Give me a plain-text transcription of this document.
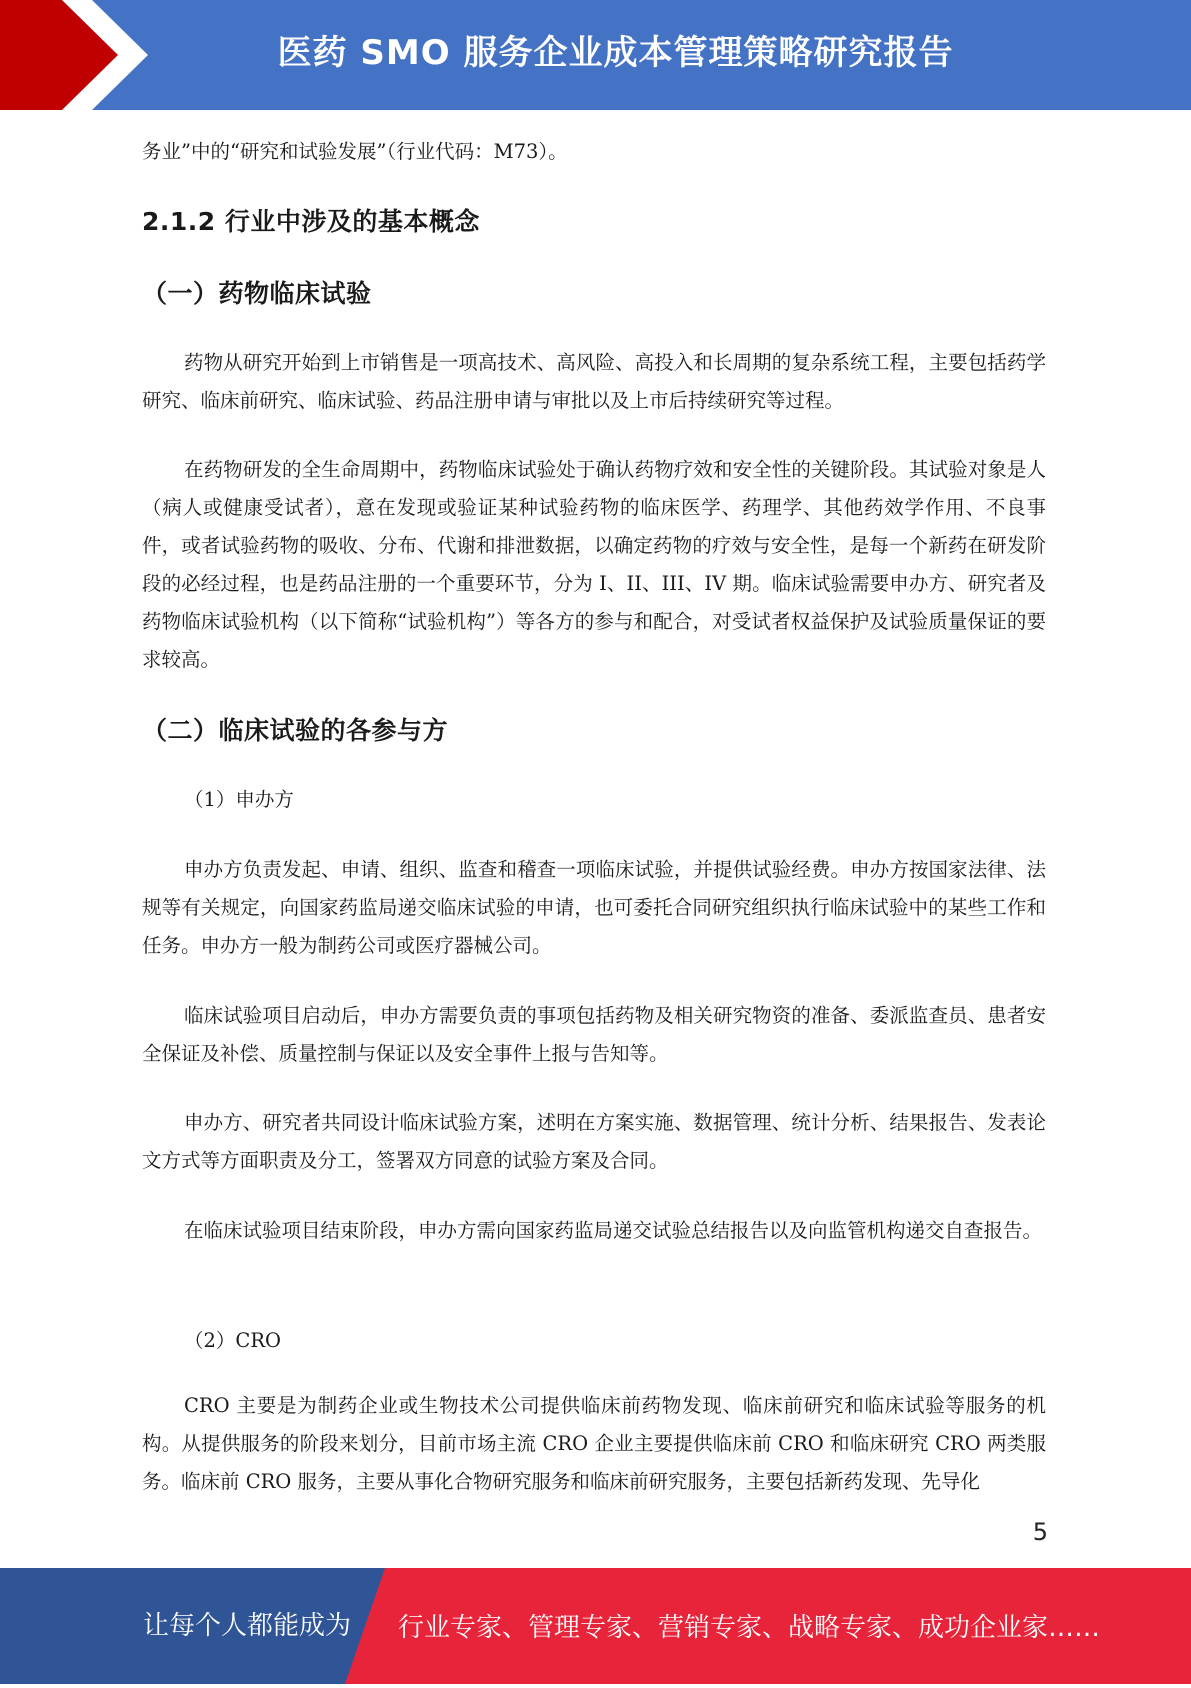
医药 SMO 服务企业成本管理策略研究报告

务业”中的“研究和试验发展”（行业代码：M73）。

2.1.2 行业中涉及的基本概念
（一）药物临床试验

药物从研究开始到上市销售是一项高技术、高风险、高投入和长周期的复杂系统工程，主要包括药学研究、临床前研究、临床试验、药品注册申请与审批以及上市后持续研究等过程。

在药物研发的全生命周期中，药物临床试验处于确认药物疗效和安全性的关键阶段。其试验对象是人（病人或健康受试者），意在发现或验证某种试验药物的临床医学、药理学、其他药效学作用、不良事件，或者试验药物的吸收、分布、代谢和排泄数据，以确定药物的疗效与安全性，是每一个新药在研发阶段的必经过程，也是药品注册的一个重要环节，分为 I、II、III、IV 期。临床试验需要申办方、研究者及药物临床试验机构（以下简称“试验机构”）等各方的参与和配合，对受试者权益保护及试验质量保证的要求较高。

（二）临床试验的各参与方

（1）申办方

申办方负责发起、申请、组织、监查和稽查一项临床试验，并提供试验经费。申办方按国家法律、法规等有关规定，向国家药监局递交临床试验的申请，也可委托合同研究组织执行临床试验中的某些工作和任务。申办方一般为制药公司或医疗器械公司。

临床试验项目启动后，申办方需要负责的事项包括药物及相关研究物资的准备、委派监查员、患者安全保证及补偿、质量控制与保证以及安全事件上报与告知等。

申办方、研究者共同设计临床试验方案，述明在方案实施、数据管理、统计分析、结果报告、发表论文方式等方面职责及分工，签署双方同意的试验方案及合同。

在临床试验项目结束阶段，申办方需向国家药监局递交试验总结报告以及向监管机构递交自查报告。

（2）CRO

CRO 主要是为制药企业或生物技术公司提供临床前药物发现、临床前研究和临床试验等服务的机构。从提供服务的阶段来划分，目前市场主流 CRO 企业主要提供临床前 CRO 和临床研究 CRO 两类服务。临床前 CRO 服务，主要从事化合物研究服务和临床前研究服务，主要包括新药发现、先导化

5
让每个人都能成为 行业专家、管理专家、营销专家、战略专家、成功企业家……
